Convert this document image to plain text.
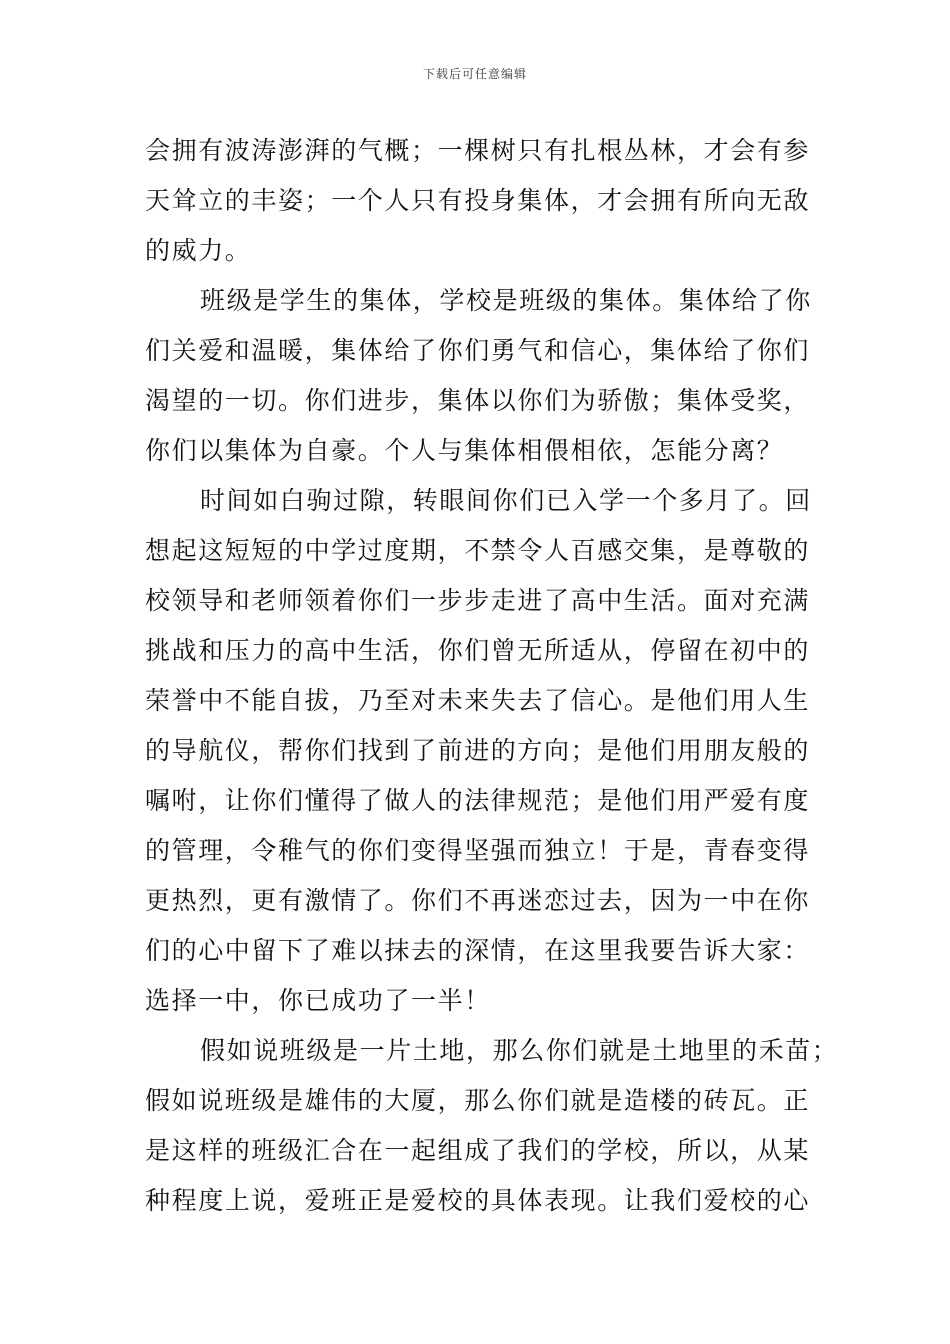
下载后可任意编辑
会拥有波涛澎湃的气概；一棵树只有扎根丛林，才会有参
天耸立的丰姿；一个人只有投身集体，才会拥有所向无敌
的威力。
班级是学生的集体，学校是班级的集体。集体给了你
们关爱和温暖，集体给了你们勇气和信心，集体给了你们
渴望的一切。你们进步，集体以你们为骄傲；集体受奖，
你们以集体为自豪。个人与集体相偎相依，怎能分离？
时间如白驹过隙，转眼间你们已入学一个多月了。回
想起这短短的中学过度期，不禁令人百感交集，是尊敬的
校领导和老师领着你们一步步走进了高中生活。面对充满
挑战和压力的高中生活，你们曾无所适从，停留在初中的
荣誉中不能自拔，乃至对未来失去了信心。是他们用人生
的导航仪，帮你们找到了前进的方向；是他们用朋友般的
嘱咐，让你们懂得了做人的法律规范；是他们用严爱有度
的管理，令稚气的你们变得坚强而独立！于是，青春变得
更热烈，更有激情了。你们不再迷恋过去，因为一中在你
们的心中留下了难以抹去的深情，在这里我要告诉大家：
选择一中，你已成功了一半！
假如说班级是一片土地，那么你们就是土地里的禾苗；
假如说班级是雄伟的大厦，那么你们就是造楼的砖瓦。正
是这样的班级汇合在一起组成了我们的学校，所以，从某
种程度上说，爱班正是爱校的具体表现。让我们爱校的心
